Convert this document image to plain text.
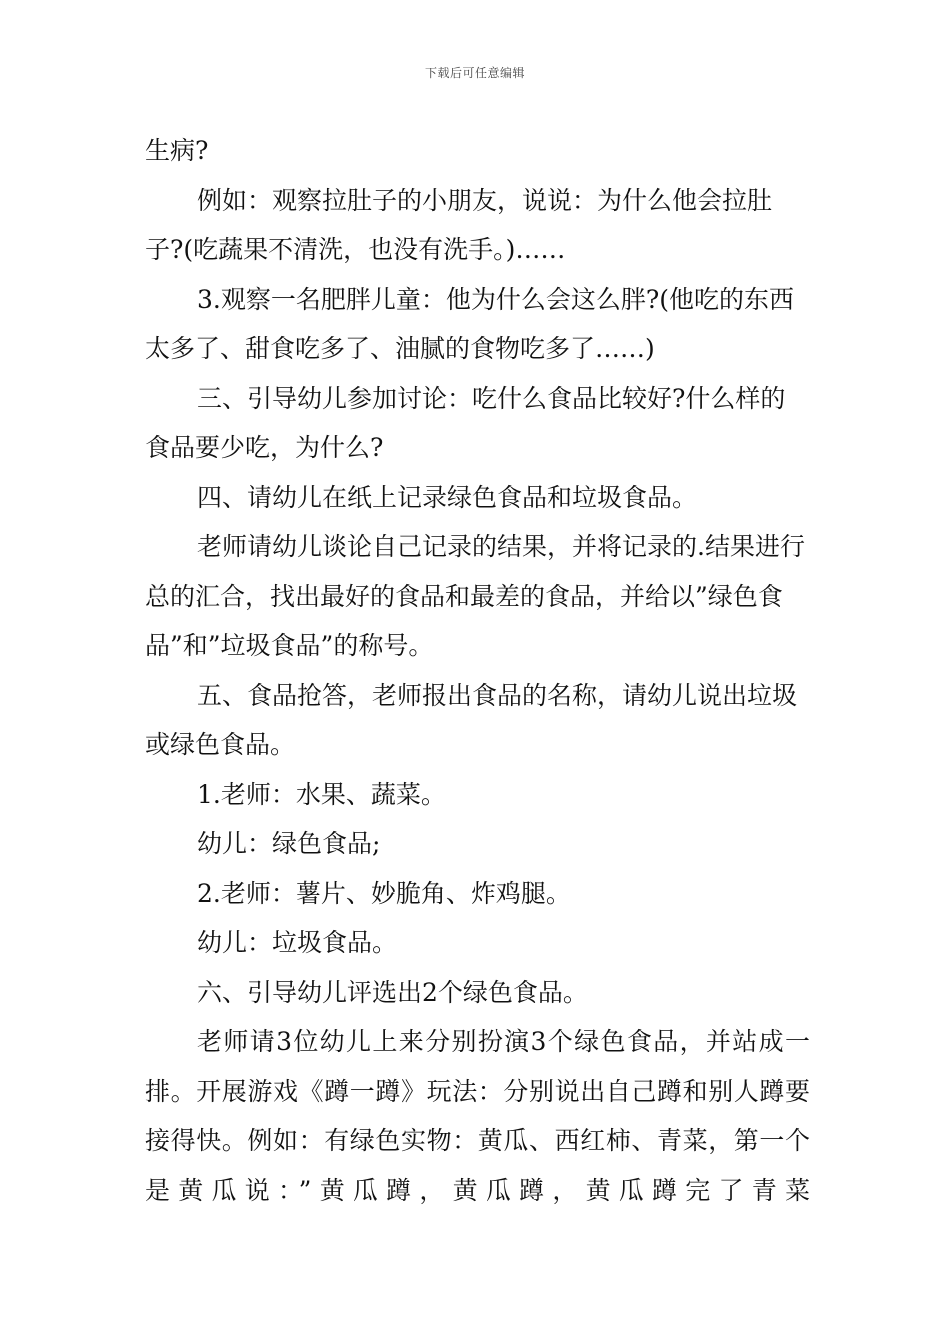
下载后可任意编辑

生病?

例如：观察拉肚子的小朋友，说说：为什么他会拉肚子?(吃蔬果不清洗，也没有洗手。)……

3.观察一名肥胖儿童：他为什么会这么胖?(他吃的东西太多了、甜食吃多了、油腻的食物吃多了……)

三、引导幼儿参加讨论：吃什么食品比较好?什么样的食品要少吃，为什么?

四、请幼儿在纸上记录绿色食品和垃圾食品。

老师请幼儿谈论自己记录的结果，并将记录的.结果进行总的汇合，找出最好的食品和最差的食品，并给以”绿色食品”和”垃圾食品”的称号。

五、食品抢答，老师报出食品的名称，请幼儿说出垃圾或绿色食品。

1.老师：水果、蔬菜。

幼儿：绿色食品;

2.老师：薯片、妙脆角、炸鸡腿。

幼儿：垃圾食品。

六、引导幼儿评选出2个绿色食品。

老师请3位幼儿上来分别扮演3个绿色食品，并站成一排。开展游戏《蹲一蹲》玩法：分别说出自己蹲和别人蹲要接得快。例如：有绿色实物：黄瓜、西红柿、青菜，第一个是黄瓜说：”黄瓜蹲，黄瓜蹲，黄瓜蹲完了青菜
